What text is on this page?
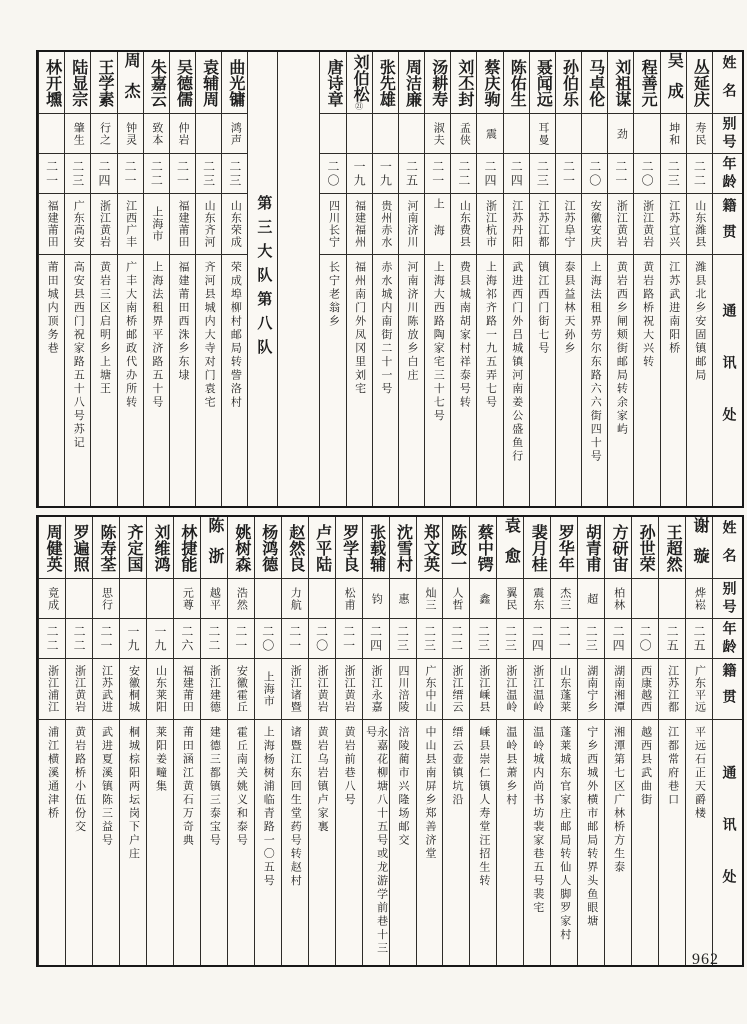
姓名
别号
年龄
籍贯
通讯处
丛延庆
寿民
二二
山东潍县
潍县北乡安固镇邮局
吴成
坤和
二三
江苏宜兴
江苏武进南阳桥
程善元
二〇
浙江黄岩
黄岩路桥祝大兴转
刘祖谋
劲
二一
浙江黄岩
黄岩西乡闸颊街邮局转余家屿
马卓伦
二〇
安徽安庆
上海法租界劳尔东路六六街四十号
孙伯乐
二一
江苏阜宁
泰县益林天孙乡
聂闻远
耳曼
二三
江苏江都
镇江西门街七号
陈佑生
二四
江苏丹阳
武进西门外吕城镇河南姜公盛鱼行
蔡庆驹
震
二四
浙江杭市
上海祁齐路一九五弄七号
刘丕封
孟侠
二二
山东费县
费县城南胡家村祥泰号转
汤耕寿
淑夫
二一
上海
上海大西路陶家宅三十七号
周洁廉
二五
河南济川
河南济川陈放乡白庄
张先雄
一九
贵州赤水
赤水城内南街二十一号
刘伯松
㉑
一九
福建福州
福州南门外凤冈里刘宅
唐诗章
二〇
四川长宁
长宁老翁乡
第三大队第八队
曲光镛
鸿声
二三
山东荣成
荣成埠柳村邮局转訾洛村
袁辅周
二三
山东齐河
齐河县城内大寺对门袁宅
吴德儒
仲岩
二一
福建莆田
福建莆田西洙乡东埭
朱嘉云
致本
二二
上海市
上海法租界平济路五十号
周杰
钟灵
二一
江西广丰
广丰大南桥邮政代办所转
王学素
行之
二四
浙江黄岩
黄岩三区启明乡上塘王
陆显宗
肇生
二三
广东高安
高安县西门祝家路五十八号苏记
林开壎
二一
福建莆田
莆田城内顶务巷
姓名
别号
年龄
籍贯
通讯处
谢璇
烨崧
二五
广东平远
平远石正天爵楼
王超然
二五
江苏江都
江都常府巷口
孙世荣
二〇
西康越西
越西县武曲街
方研宙
柏林
二四
湖南湘潭
湘潭第七区广林桥方生泰
胡青甫
超
二三
湖南宁乡
宁乡西城外横市邮局转界头鱼眼塘
罗华年
杰三
二一
山东蓬莱
蓬莱城东官家庄邮局转仙人脚罗家村
裴月桂
震东
二四
浙江温岭
温岭城内尚书坊裴家巷五号裴宅
袁愈
翼民
二三
浙江温岭
温岭县萧乡村
蔡中锷
鑫
二三
浙江嵊县
嵊县崇仁镇人寿堂汪招生转
陈政一
人哲
二二
浙江缙云
缙云壶镇坑沿
郑文英
灿三
二三
广东中山
中山县南屏乡郑善济堂
沈雪村
惠
二三
四川涪陵
涪陵蔺市兴隆场邮交
张载辅
钧
二四
浙江永嘉
永嘉花柳塘八十五号或龙游学前巷十三号
罗学良
松甫
二一
浙江黄岩
黄岩前巷八号
卢平陆
二〇
浙江黄岩
黄岩乌岩镇卢家裏
赵然良
力航
二一
浙江诸暨
诸暨江东回生堂药号转赵村
杨鸿德
二〇
上海市
上海杨树浦临青路一〇五号
姚树森
浩然
二一
安徽霍丘
霍丘南关姚义和泰号
陈浙
越平
二二
浙江建德
建德三都镇三泰宝号
林捷能
元尊
二六
福建莆田
莆田涵江黄石万奇典
刘维鸿
一九
山东莱阳
莱阳姜疃集
齐定国
一九
安徽桐城
桐城棕阳两坛岗下户庄
陈寿荃
思行
二一
江苏武进
武进夏溪镇陈三益号
罗遍照
二二
浙江黄岩
黄岩路桥小伍份交
周健英
竟成
二二
浙江浦江
浦江横溪通津桥
962
